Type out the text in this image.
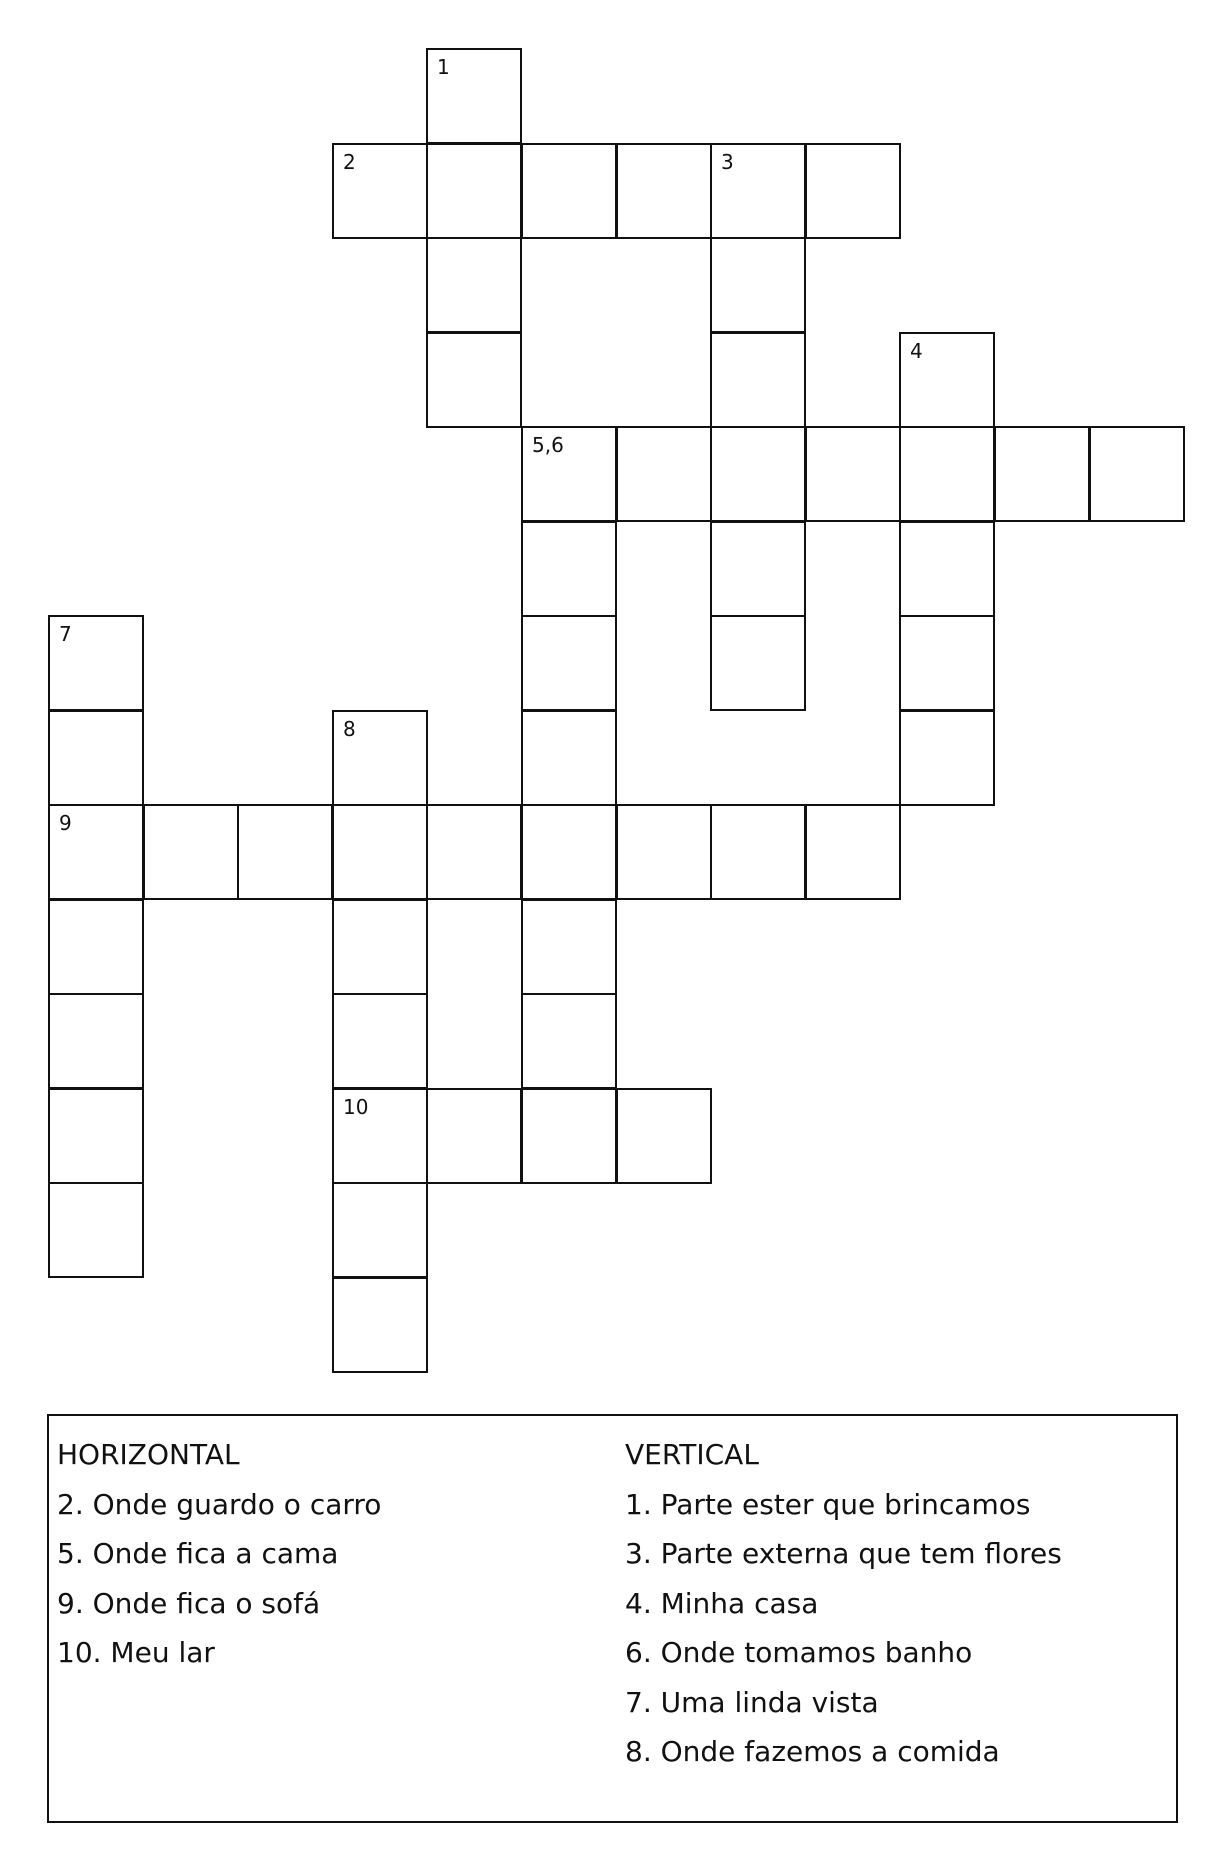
1
2	3
4
5,6
7
8
9
10
HORIZONTAL
2. Onde guardo o carro
5. Onde fica a cama
9. Onde fica o sofá
10. Meu lar
VERTICAL
1. Parte ester que brincamos
3. Parte externa que tem flores
4. Minha casa
6. Onde tomamos banho
7. Uma linda vista
8. Onde fazemos a comida
